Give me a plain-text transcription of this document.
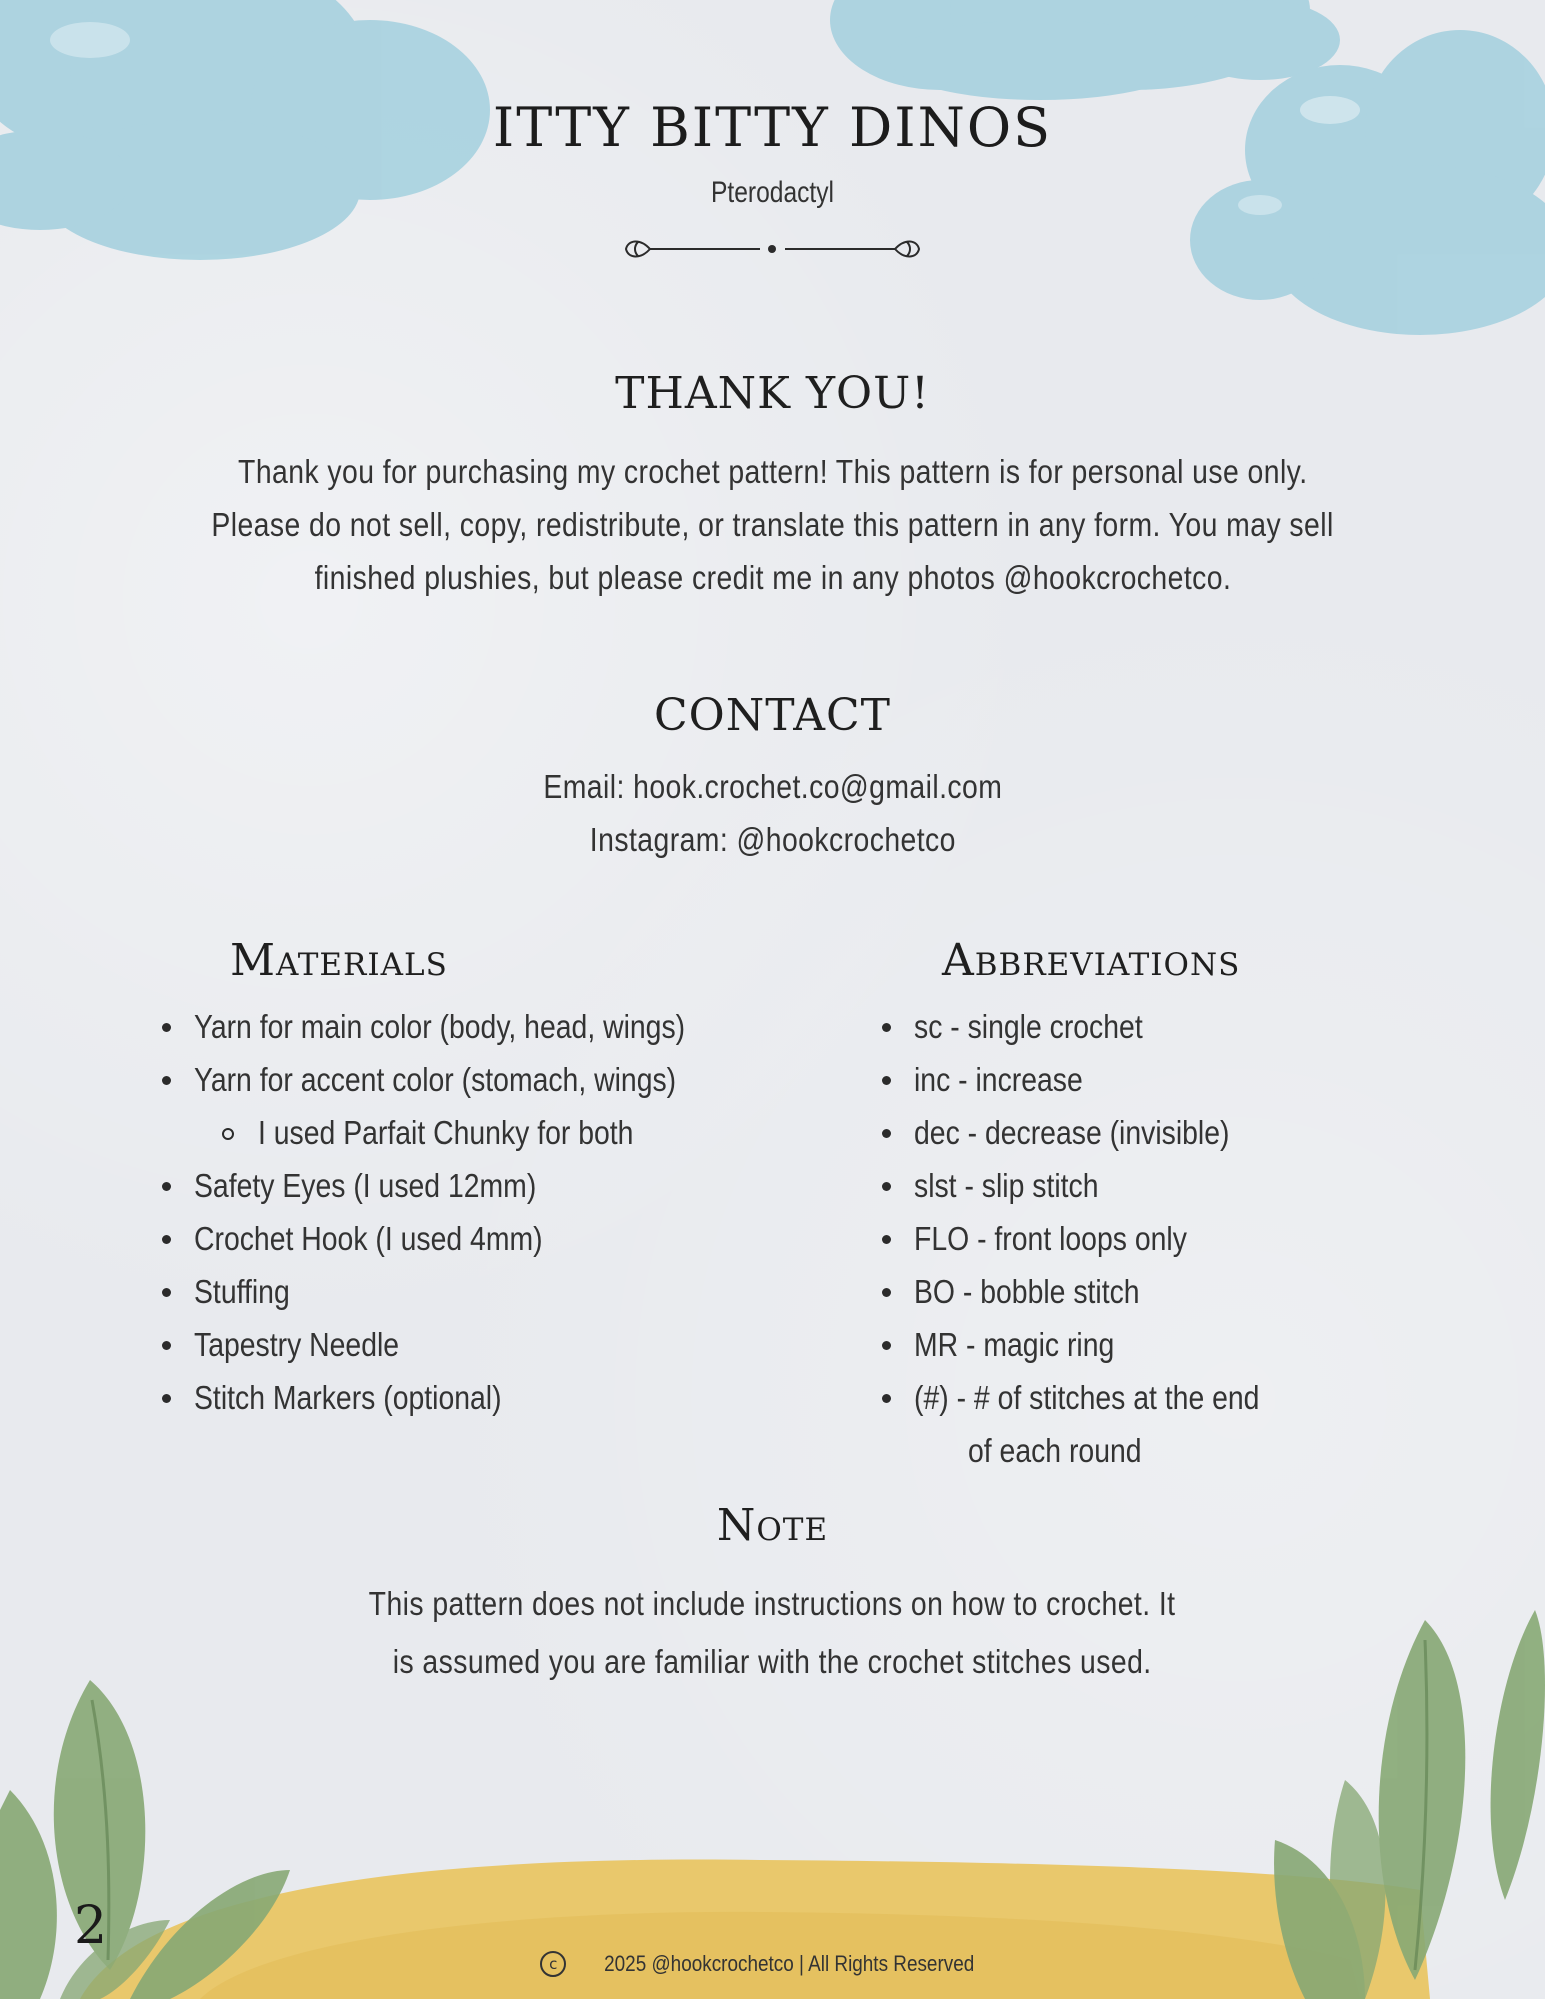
ITTY BITTY DINOS
Pterodactyl
THANK YOU!
Thank you for purchasing my crochet pattern! This pattern is for personal use only.
Please do not sell, copy, redistribute, or translate this pattern in any form. You may sell
finished plushies, but please credit me in any photos @hookcrochetco.
CONTACT
Email: hook.crochet.co@gmail.com
Instagram: @hookcrochetco
Materials
Yarn for main color (body, head, wings)
Yarn for accent color (stomach, wings)
I used Parfait Chunky for both
Safety Eyes (I used 12mm)
Crochet Hook (I used 4mm)
Stuffing
Tapestry Needle
Stitch Markers (optional)
Abbreviations
sc - single crochet
inc - increase
dec - decrease (invisible)
slst - slip stitch
FLO - front loops only
BO - bobble stitch
MR - magic ring
(#) - # of stitches at the end
of each round
Note
This pattern does not include instructions on how to crochet. It
is assumed you are familiar with the crochet stitches used.
2
c 2025 @hookcrochetco | All Rights Reserved
